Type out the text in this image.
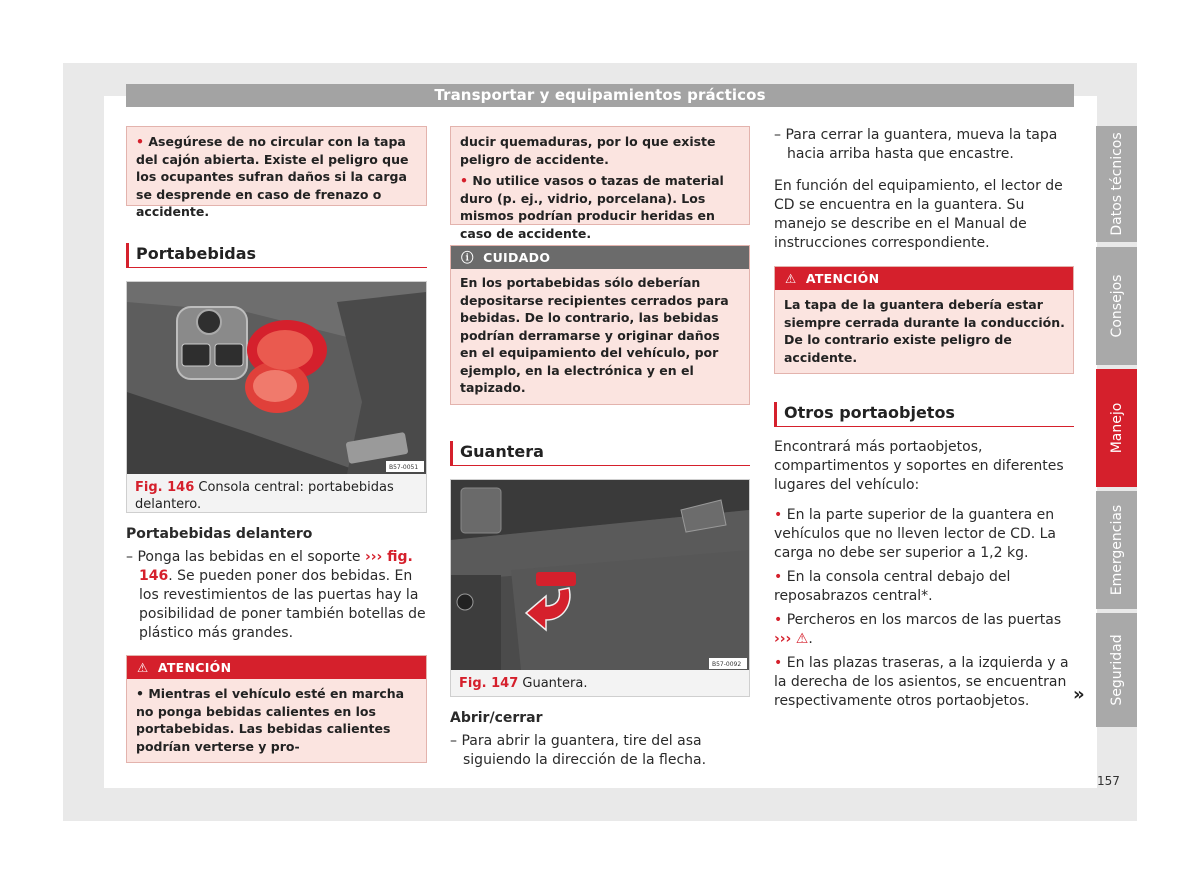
Transportar y equipamientos prácticos
Datos técnicos
Consejos
Manejo
Emergencias
Seguridad
• Asegúrese de no circular con la tapa del cajón abierta. Existe el peligro que los ocupantes sufran daños si la carga se desprende en caso de frenazo o accidente.
Portabebidas
B57-0051
Fig. 146 Consola central: portabebidas delantero.
Portabebidas delantero
– Ponga las bebidas en el soporte ››› fig. 146. Se pueden poner dos bebidas. En los revestimientos de las puertas hay la posibilidad de poner también botellas de plástico más grandes.
⚠ ATENCIÓN
• Mientras el vehículo esté en marcha no ponga bebidas calientes en los portabebidas. Las bebidas calientes podrían verterse y pro-
ducir quemaduras, por lo que existe peligro de accidente.
• No utilice vasos o tazas de material duro (p. ej., vidrio, porcelana). Los mismos podrían producir heridas en caso de accidente.
ⓘ CUIDADO
En los portabebidas sólo deberían depositarse recipientes cerrados para bebidas. De lo contrario, las bebidas podrían derramarse y originar daños en el equipamiento del vehículo, por ejemplo, en la electrónica y en el tapizado.
Guantera
B57-0092
Fig. 147 Guantera.
Abrir/cerrar
– Para abrir la guantera, tire del asa siguiendo la dirección de la flecha.
– Para cerrar la guantera, mueva la tapa hacia arriba hasta que encastre.
En función del equipamiento, el lector de CD se encuentra en la guantera. Su manejo se describe en el Manual de instrucciones correspondiente.
⚠ ATENCIÓN
La tapa de la guantera debería estar siempre cerrada durante la conducción. De lo contrario existe peligro de accidente.
Otros portaobjetos
Encontrará más portaobjetos, compartimentos y soportes en diferentes lugares del vehículo:
• En la parte superior de la guantera en vehículos que no lleven lector de CD. La carga no debe ser superior a 1,2 kg.
• En la consola central debajo del reposabrazos central*.
• Percheros en los marcos de las puertas
››› ⚠.
• En las plazas traseras, a la izquierda y a la derecha de los asientos, se encuentran respectivamente otros portaobjetos.	»
157
